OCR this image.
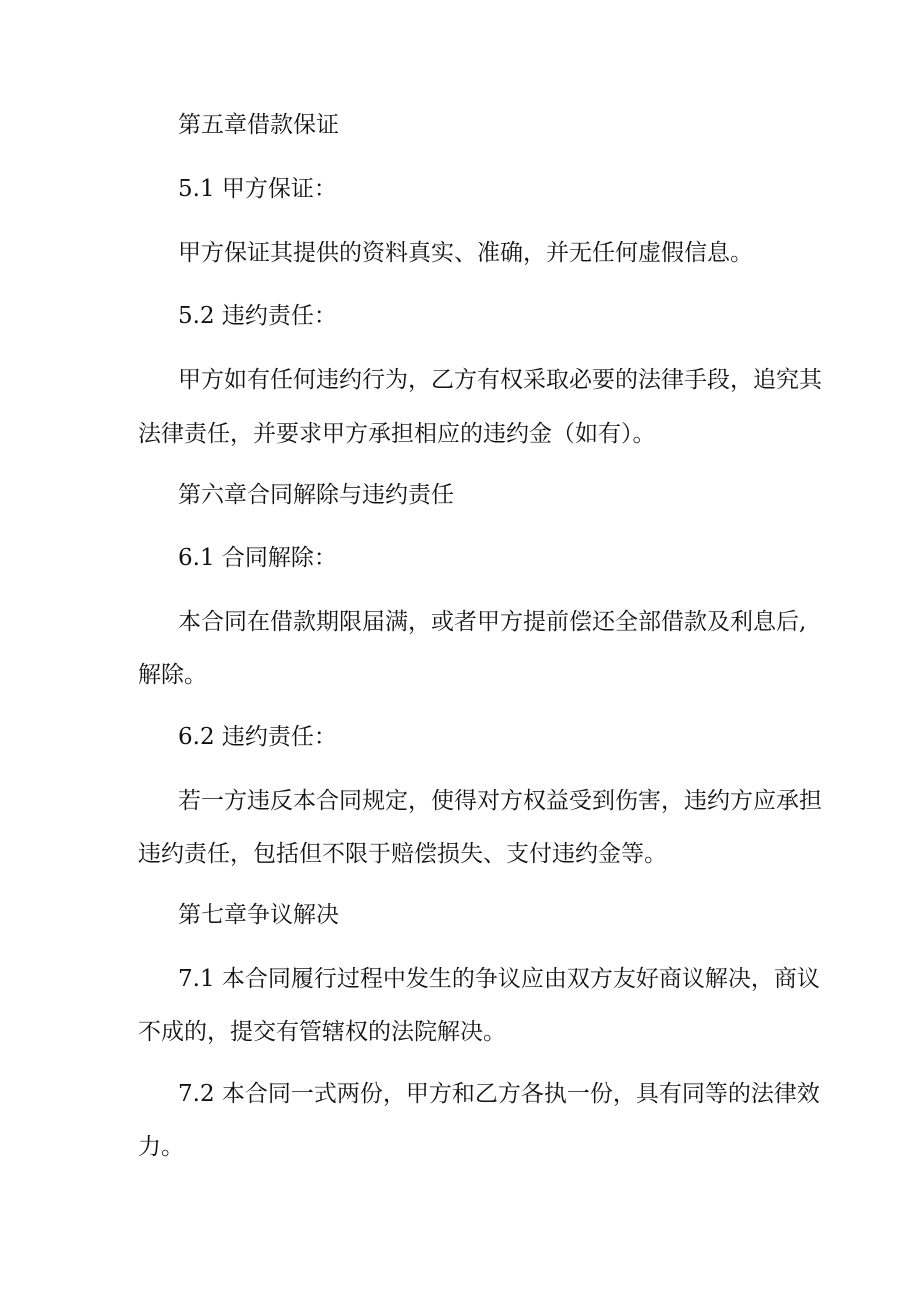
第五章借款保证
5.1 甲方保证：
甲方保证其提供的资料真实、准确，并无任何虚假信息。
5.2 违约责任：
甲方如有任何违约行为，乙方有权采取必要的法律手段，追究其
法律责任，并要求甲方承担相应的违约金（如有）。
第六章合同解除与违约责任
6.1 合同解除：
本合同在借款期限届满，或者甲方提前偿还全部借款及利息后,
解除。
6.2 违约责任：
若一方违反本合同规定，使得对方权益受到伤害，违约方应承担
违约责任，包括但不限于赔偿损失、支付违约金等。
第七章争议解决
7.1 本合同履行过程中发生的争议应由双方友好商议解决，商议
不成的，提交有管辖权的法院解决。
7.2 本合同一式两份，甲方和乙方各执一份，具有同等的法律效
力。
